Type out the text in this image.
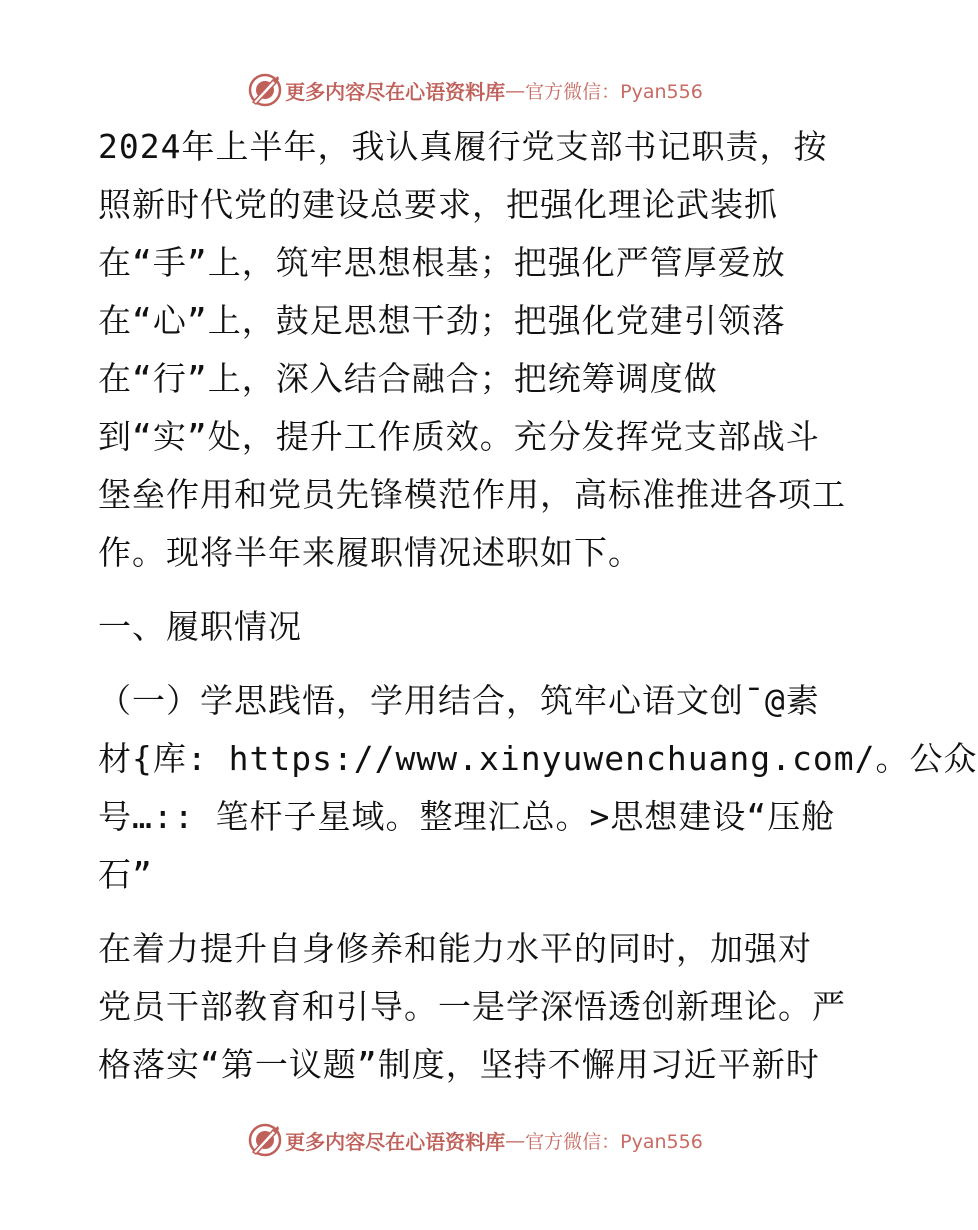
更多内容尽在心语资料库 — 官方微信：Pyan556
2024年上半年，我认真履行党支部书记职责，按
照新时代党的建设总要求，把强化理论武装抓
在“手”上，筑牢思想根基；把强化严管厚爱放
在“心”上，鼓足思想干劲；把强化党建引领落
在“行”上，深入结合融合；把统筹调度做
到“实”处，提升工作质效。充分发挥党支部战斗
堡垒作用和党员先锋模范作用，高标准推进各项工
作。现将半年来履职情况述职如下。
一、履职情况
（一）学思践悟，学用结合，筑牢心语文创¯@素
材{库: https://www.xinyuwenchuang.com/。公众
号…:: 笔杆子星域。整理汇总。>思想建设“压舱
石”
在着力提升自身修养和能力水平的同时，加强对
党员干部教育和引导。一是学深悟透创新理论。严
格落实“第一议题”制度，坚持不懈用习近平新时
更多内容尽在心语资料库 — 官方微信：Pyan556
